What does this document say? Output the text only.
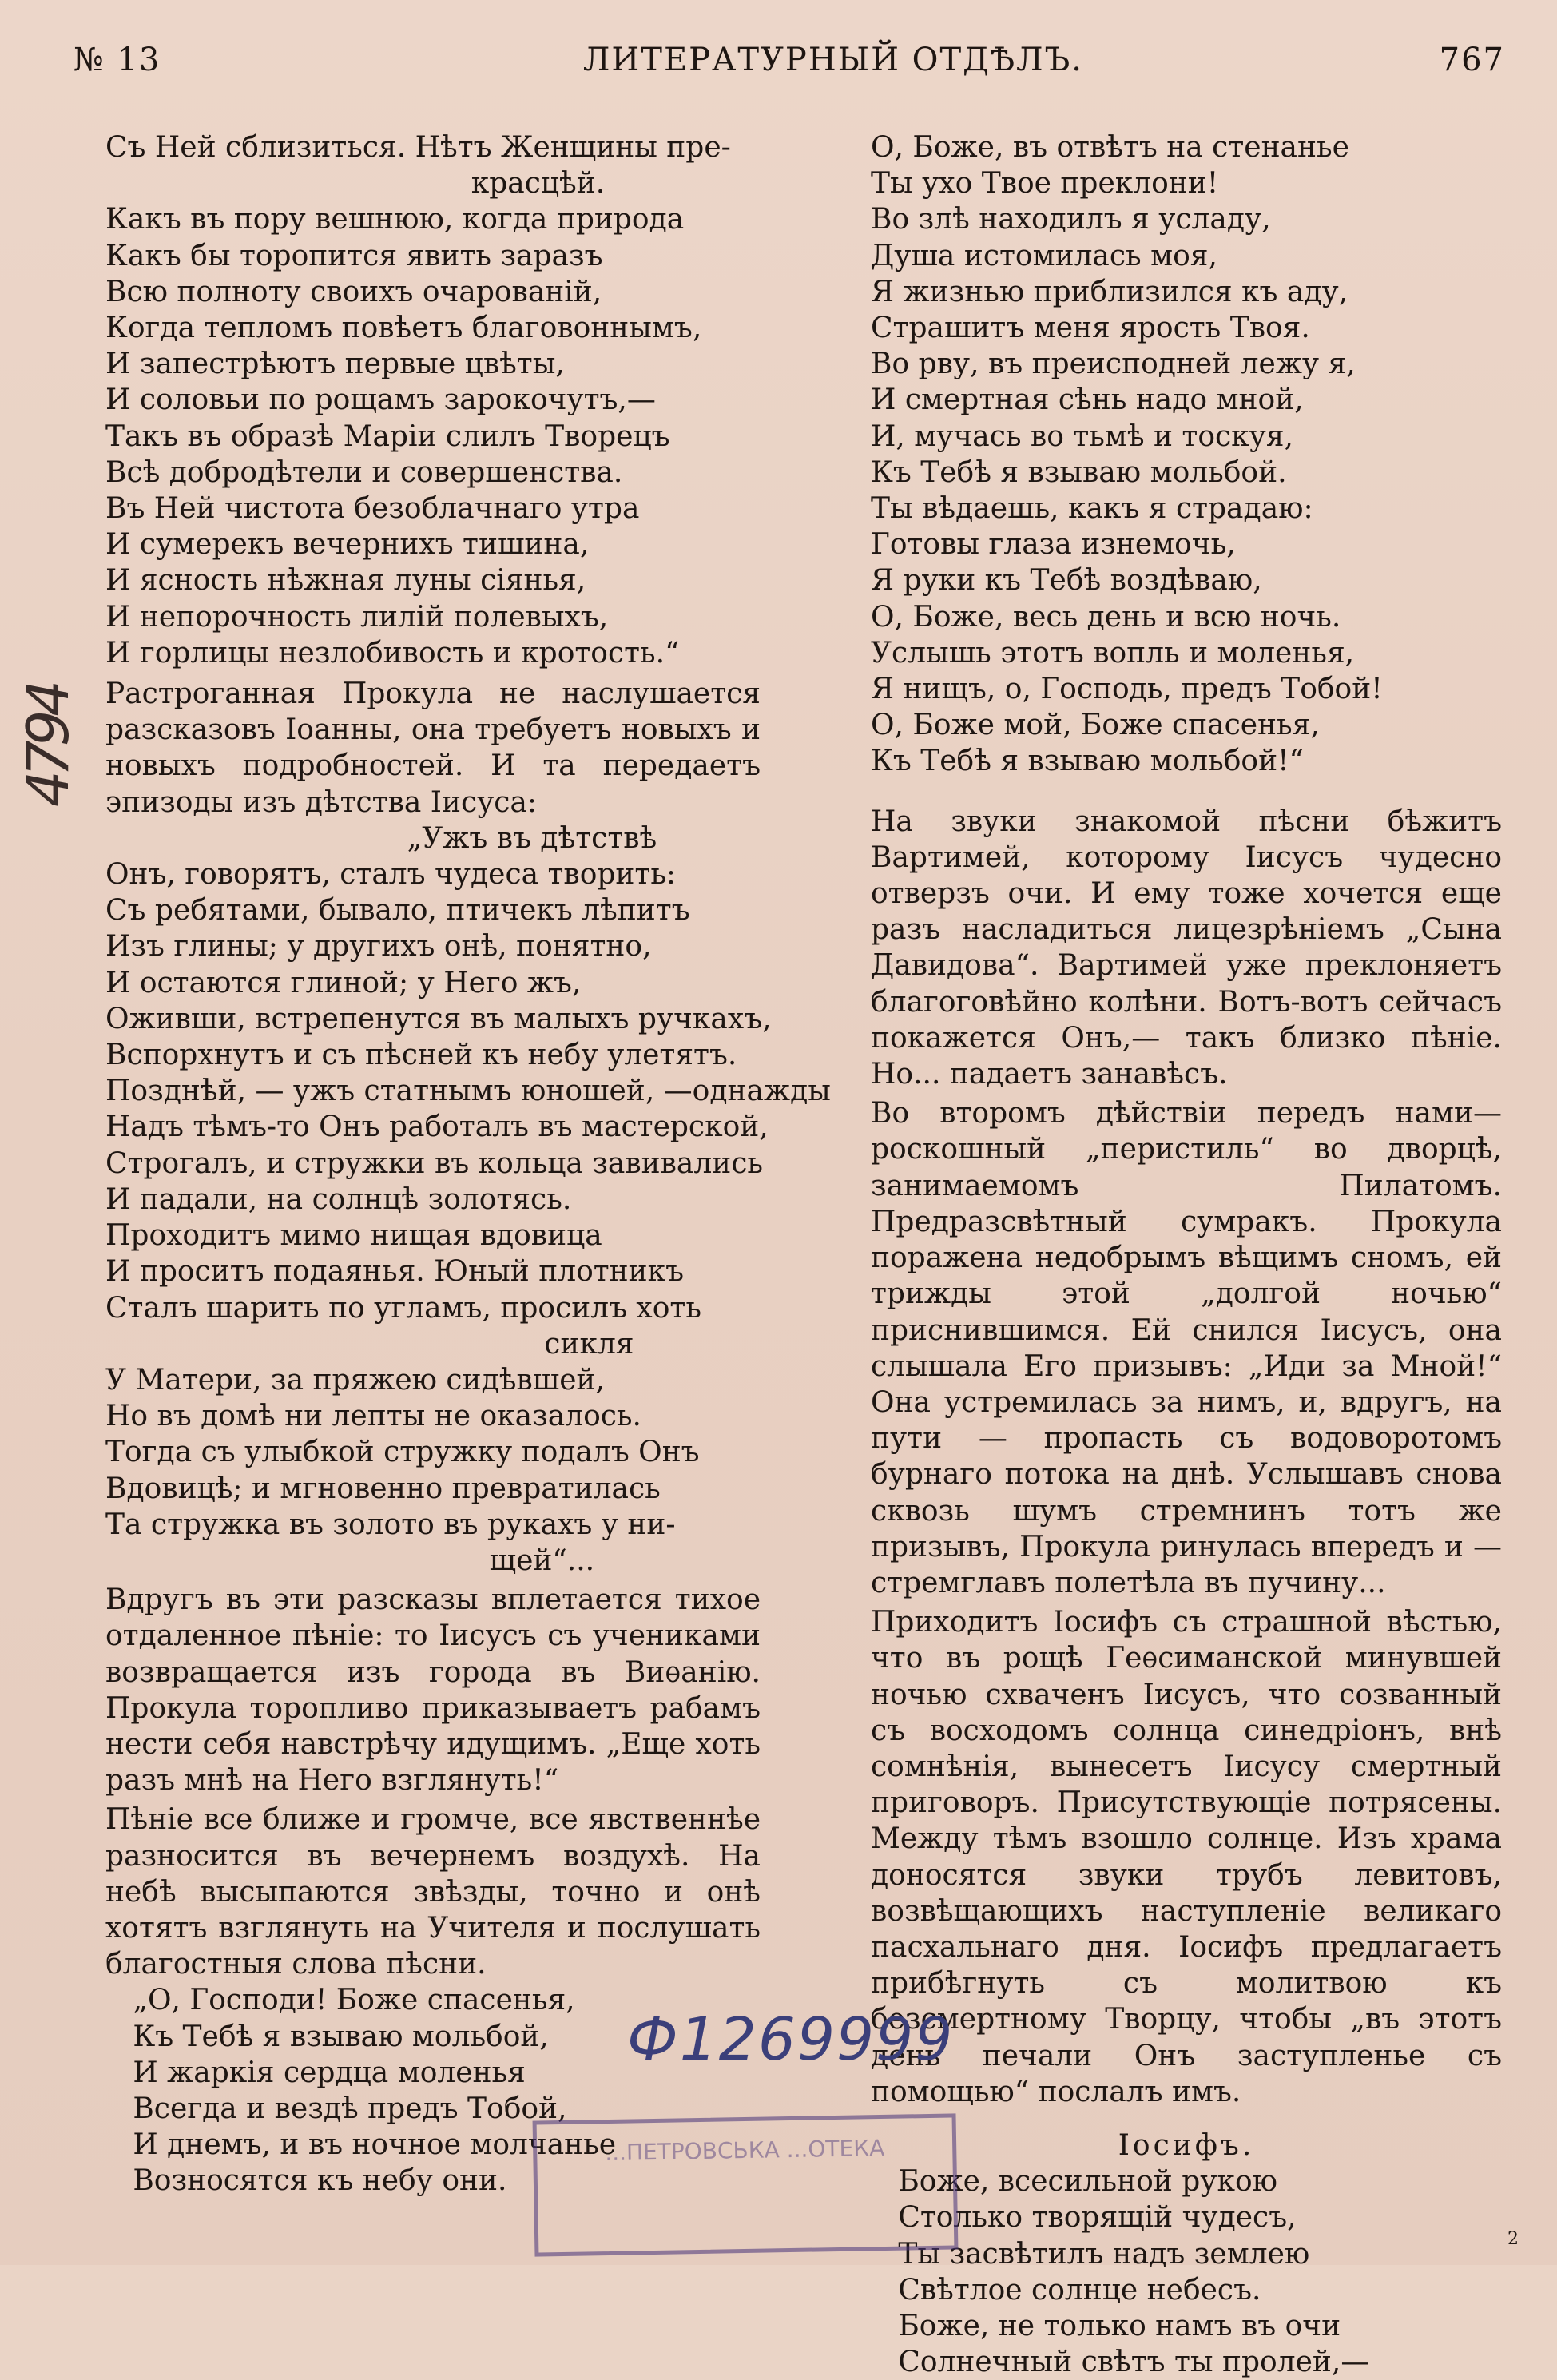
№ 13	ЛИТЕРАТУРНЫЙ ОТДѢЛЪ.	767

Съ Ней сблизиться. Нѣтъ Женщины пре-

красцѣй.

Какъ въ пору вешнюю, когда природа

Какъ бы торопится явить заразъ

Всю полноту своихъ очарованій,

Когда тепломъ повѣетъ благовоннымъ,

И запестрѣютъ первые цвѣты,

И соловьи по рощамъ зарокочутъ,—

Такъ въ образѣ Маріи слилъ Творецъ

Всѣ добродѣтели и совершенства.

Въ Ней чистота безоблачнаго утра

И сумерекъ вечернихъ тишина,

И ясность нѣжная луны сіянья,

И непорочность лилій полевыхъ,

И горлицы незлобивость и кротость.“

Растроганная Прокула не наслушается разсказовъ Іоанны, она требуетъ новыхъ и новыхъ подробностей. И та передаетъ эпизоды изъ дѣтства Іисуса:

„Ужъ въ дѣтствѣ

Онъ, говорятъ, сталъ чудеса творить:

Съ ребятами, бывало, птичекъ лѣпитъ

Изъ глины; у другихъ онѣ, понятно,

И остаются глиной; у Него жъ,

Оживши, встрепенутся въ малыхъ ручкахъ,

Вспорхнутъ и съ пѣсней къ небу улетятъ.

Позднѣй, — ужъ статнымъ юношей, —однажды

Надъ тѣмъ-то Онъ работалъ въ мастерской,

Строгалъ, и стружки въ кольца завивались

И падали, на солнцѣ золотясь.

Проходитъ мимо нищая вдовица

И проситъ подаянья. Юный плотникъ

Сталъ шарить по угламъ, просилъ хоть

сикля

У Матери, за пряжею сидѣвшей,

Но въ домѣ ни лепты не оказалось.

Тогда съ улыбкой стружку подалъ Онъ

Вдовицѣ; и мгновенно превратилась

Та стружка въ золото въ рукахъ у ни-

щей“...

Вдругъ въ эти разсказы вплетается тихое отдаленное пѣніе: то Іисусъ съ учениками возвращается изъ города въ Виѳанію. Прокула торопливо приказываетъ рабамъ нести себя навстрѣчу идущимъ. „Еще хоть разъ мнѣ на Него взглянуть!“

Пѣніе все ближе и громче, все явственнѣе разносится въ вечернемъ воздухѣ. На небѣ высыпаются звѣзды, точно и онѣ хотятъ взглянуть на Учителя и послушать благостныя слова пѣсни.

„О, Господи! Боже спасенья,

Къ Тебѣ я взываю мольбой,

И жаркія сердца моленья

Всегда и вездѣ предъ Тобой,

И днемъ, и въ ночное молчанье

Возносятся къ небу они.

О, Боже, въ отвѣтъ на стенанье

Ты ухо Твое преклони!

Во злѣ находилъ я усладу,

Душа истомилась моя,

Я жизнью приблизился къ аду,

Страшитъ меня ярость Твоя.

Во рву, въ преисподней лежу я,

И смертная сѣнь надо мной,

И, мучась во тьмѣ и тоскуя,

Къ Тебѣ я взываю мольбой.

Ты вѣдаешь, какъ я страдаю:

Готовы глаза изнемочь,

Я руки къ Тебѣ воздѣваю,

О, Боже, весь день и всю ночь.

Услышь этотъ вопль и моленья,

Я нищъ, о, Господь, предъ Тобой!

О, Боже мой, Боже спасенья,

Къ Тебѣ я взываю мольбой!“

На звуки знакомой пѣсни бѣжитъ Вартимей, которому Іисусъ чудесно отверзъ очи. И ему тоже хочется еще разъ насладиться лицезрѣніемъ „Сына Давидова“. Вартимей уже преклоняетъ благоговѣйно колѣни. Вотъ-вотъ сейчасъ покажется Онъ,— такъ близко пѣніе. Но... падаетъ занавѣсъ.

Во второмъ дѣйствіи передъ нами—роскошный „перистиль“ во дворцѣ, занимаемомъ Пилатомъ. Предразсвѣтный сумракъ. Прокула поражена недобрымъ вѣщимъ сномъ, ей трижды этой „долгой ночью“ приснившимся. Ей снился Іисусъ, она слышала Его призывъ: „Иди за Мной!“ Она устремилась за нимъ, и, вдругъ, на пути — пропасть съ водоворотомъ бурнаго потока на днѣ. Услышавъ снова сквозь шумъ стремнинъ тотъ же призывъ, Прокула ринулась впередъ и — стремглавъ полетѣла въ пучину...

Приходитъ Іосифъ съ страшной вѣстью, что въ рощѣ Геѳсиманской минувшей ночью схваченъ Іисусъ, что созванный съ восходомъ солнца синедріонъ, внѣ сомнѣнія, вынесетъ Іисусу смертный приговоръ. Присутствующіе потрясены. Между тѣмъ взошло солнце. Изъ храма доносятся звуки трубъ левитовъ, возвѣщающихъ наступленіе великаго пасхальнаго дня. Іосифъ предлагаетъ прибѣгнуть съ молитвою къ безсмертному Творцу, чтобы „въ этотъ день печали Онъ заступленье съ помощью“ послалъ имъ.

Іосифъ.

Боже, всесильной рукою

Столько творящій чудесъ,

Ты засвѣтилъ надъ землею

Свѣтлое солнце небесъ.

Боже, не только намъ въ очи

Солнечный свѣтъ ты пролей,—

4794
Ф1269999
...ПЕТРОВСЬКА ...ОТЕКА
2
